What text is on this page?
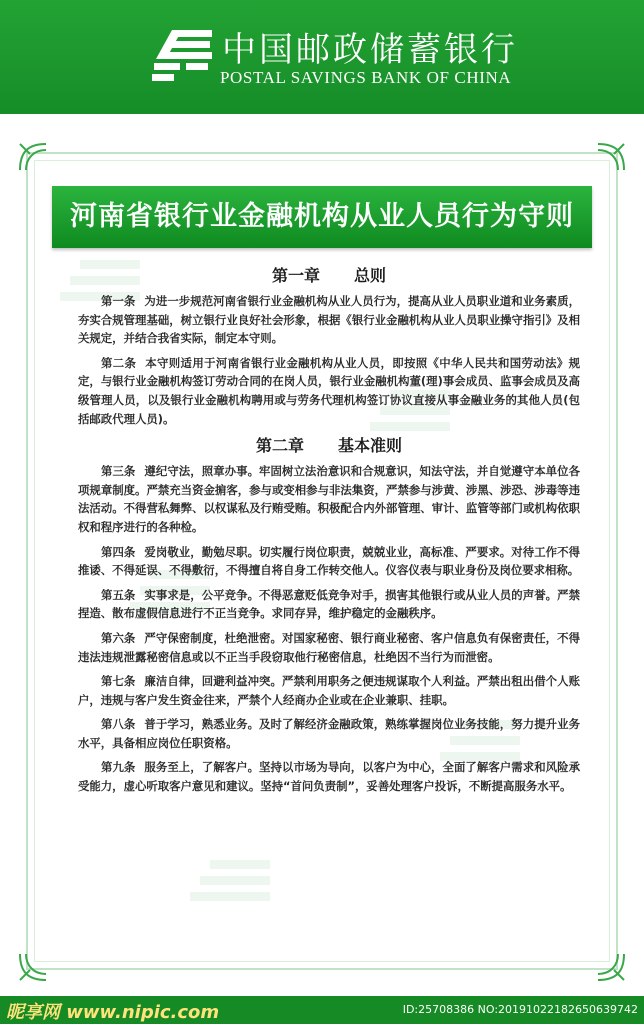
中国邮政储蓄银行
POSTAL SAVINGS BANK OF CHINA
河南省银行业金融机构从业人员行为守则
第一章 总则

第一条 为进一步规范河南省银行业金融机构从业人员行为，提高从业人员职业道和业务素质，夯实合规管理基础，树立银行业良好社会形象，根据《银行业金融机构从业人员职业操守指引》及相关规定，并结合我省实际，制定本守则。

第二条 本守则适用于河南省银行业金融机构从业人员，即按照《中华人民共和国劳动法》规定，与银行业金融机构签订劳动合同的在岗人员，银行业金融机构董(理)事会成员、监事会成员及高级管理人员，以及银行业金融机构聘用或与劳务代理机构签订协议直接从事金融业务的其他人员(包括邮政代理人员)。

第二章 基本准则

第三条 遵纪守法，照章办事。牢固树立法治意识和合规意识，知法守法，并自觉遵守本单位各项规章制度。严禁充当资金掮客，参与或变相参与非法集资，严禁参与涉黄、涉黑、涉恐、涉毒等违法活动。不得营私舞弊、以权谋私及行贿受贿。积极配合内外部管理、审计、监管等部门或机构依职权和程序进行的各种检。

第四条 爱岗敬业，勤勉尽职。切实履行岗位职责，兢兢业业，高标准、严要求。对待工作不得推诿、不得延误、不得敷衍，不得擅自将自身工作转交他人。仪容仪表与职业身份及岗位要求相称。

第五条 实事求是，公平竞争。不得恶意贬低竞争对手，损害其他银行或从业人员的声誉。严禁捏造、散布虚假信息进行不正当竞争。求同存异，维护稳定的金融秩序。

第六条 严守保密制度，杜绝泄密。对国家秘密、银行商业秘密、客户信息负有保密责任，不得违法违规泄露秘密信息或以不正当手段窃取他行秘密信息，杜绝因不当行为而泄密。

第七条 廉洁自律，回避利益冲突。严禁利用职务之便违规谋取个人利益。严禁出租出借个人账户，违规与客户发生资金往来，严禁个人经商办企业或在企业兼职、挂职。

第八条 普于学习，熟悉业务。及时了解经济金融政策，熟练掌握岗位业务技能，努力提升业务水平，具备相应岗位任职资格。

第九条 服务至上，了解客户。坚持以市场为导向，以客户为中心，全面了解客户需求和风险承受能力，虚心听取客户意见和建议。坚持“首问负责制”，妥善处理客户投诉，不断提高服务水平。

昵享网 www.nipic.com	ID:25708386 NO:20191022182650639742
